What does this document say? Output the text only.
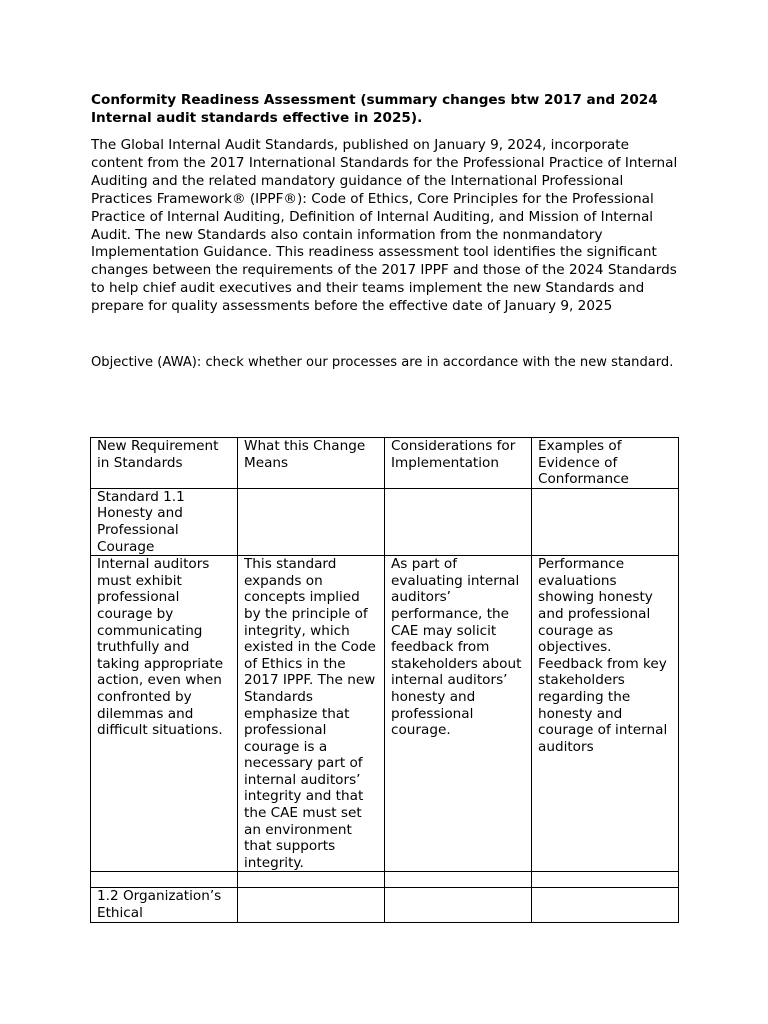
Conformity Readiness Assessment (summary changes btw 2017 and 2024 Internal audit standards effective in 2025).

The Global Internal Audit Standards, published on January 9, 2024, incorporate content from the 2017 International Standards for the Professional Practice of Internal Auditing and the related mandatory guidance of the International Professional Practices Framework® (IPPF®): Code of Ethics, Core Principles for the Professional Practice of Internal Auditing, Definition of Internal Auditing, and Mission of Internal Audit. The new Standards also contain information from the nonmandatory Implementation Guidance. This readiness assessment tool identifies the significant changes between the requirements of the 2017 IPPF and those of the 2024 Standards to help chief audit executives and their teams implement the new Standards and prepare for quality assessments before the effective date of January 9, 2025

Objective (AWA): check whether our processes are in accordance with the new standard.

New Requirement in Standards	What this Change Means	Considerations for Implementation	Examples of Evidence of Conformance
Standard 1.1 Honesty and Professional Courage			
Internal auditors must exhibit professional courage by communicating truthfully and taking appropriate action, even when confronted by dilemmas and difficult situations.	This standard expands on concepts implied by the principle of integrity, which existed in the Code of Ethics in the 2017 IPPF. The new Standards emphasize that professional courage is a necessary part of internal auditors’ integrity and that the CAE must set an environment that supports integrity.	As part of evaluating internal auditors’ performance, the CAE may solicit feedback from stakeholders about internal auditors’ honesty and professional courage.	Performance evaluations showing honesty and professional courage as objectives. Feedback from key stakeholders regarding the honesty and courage of internal auditors

1.2 Organization’s Ethical			
